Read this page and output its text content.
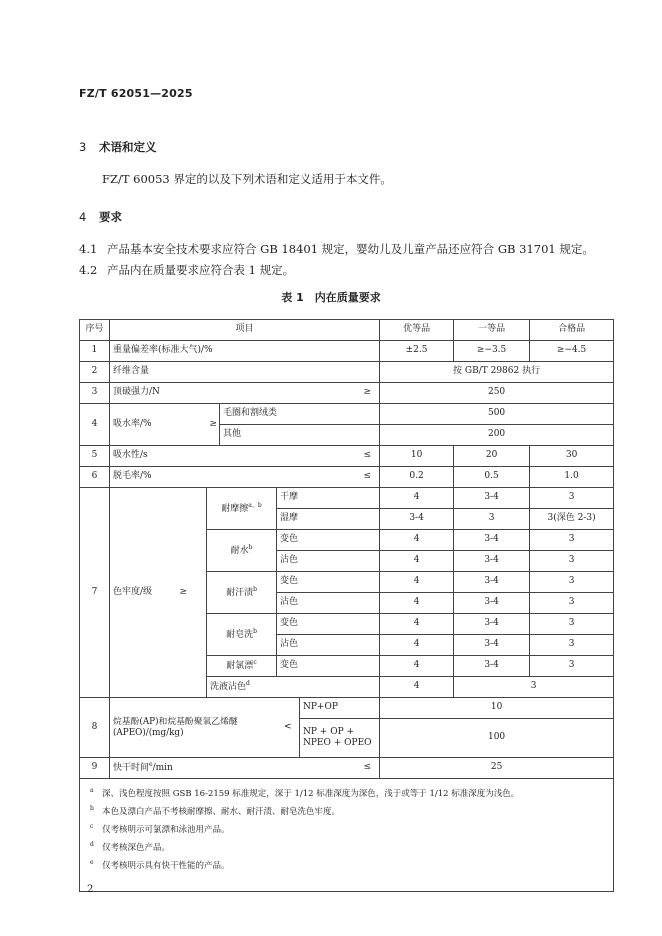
FZ/T 62051—2025
3 术语和定义
FZ/T 60053 界定的以及下列术语和定义适用于本文件。
4 要求
4.1 产品基本安全技术要求应符合 GB 18401 规定，婴幼儿及儿童产品还应符合 GB 31701 规定。
4.2 产品内在质量要求应符合表 1 规定。
表 1　内在质量要求
序号	项目						优等品	一等品	合格品
1	重量偏差率(标准大气)/%						±2.5	≥−3.5	≥−4.5
2	纤维含量						按 GB/T 29862 执行		
3	顶破强力/N					≥	250		
4	吸水率/%		≥	毛圈和割绒类			500		
				其他			200		
5	吸水性/s					≤	10	20	30
6	脱毛率/%					≤	0.2	0.5	1.0
7	色牢度/级	≥	耐摩擦$^{a、b}$		干摩		4	3-4	3
					湿摩		3-4	3	3(深色 2-3)
			耐水$^b$		变色		4	3-4	3
					沾色		4	3-4	3
			耐汗渍$^b$		变色		4	3-4	3
					沾色		4	3-4	3
			耐皂洗$^b$		变色		4	3-4	3
					沾色		4	3-4	3
			耐氯漂$^c$		变色		4	3-4	3
			洗液沾色$^d$				4	3	
8	烷基酚(AP)和烷基酚聚氧乙烯醚(APEO)/(mg/kg)				<	NP+OP	10		
						NP + OP + NPEO + OPEO	100		
9	快干时间$^e$/min					≤	25		

a 深、浅色程度按照 GSB 16-2159 标准规定，深于 1/12 标准深度为深色，浅于或等于 1/12 标准深度为浅色。
b 本色及漂白产品不考核耐摩擦、耐水、耐汗渍、耐皂洗色牢度。
c 仅考核明示可氯漂和泳池用产品。
d 仅考核深色产品。
e 仅考核明示具有快干性能的产品。									
2
